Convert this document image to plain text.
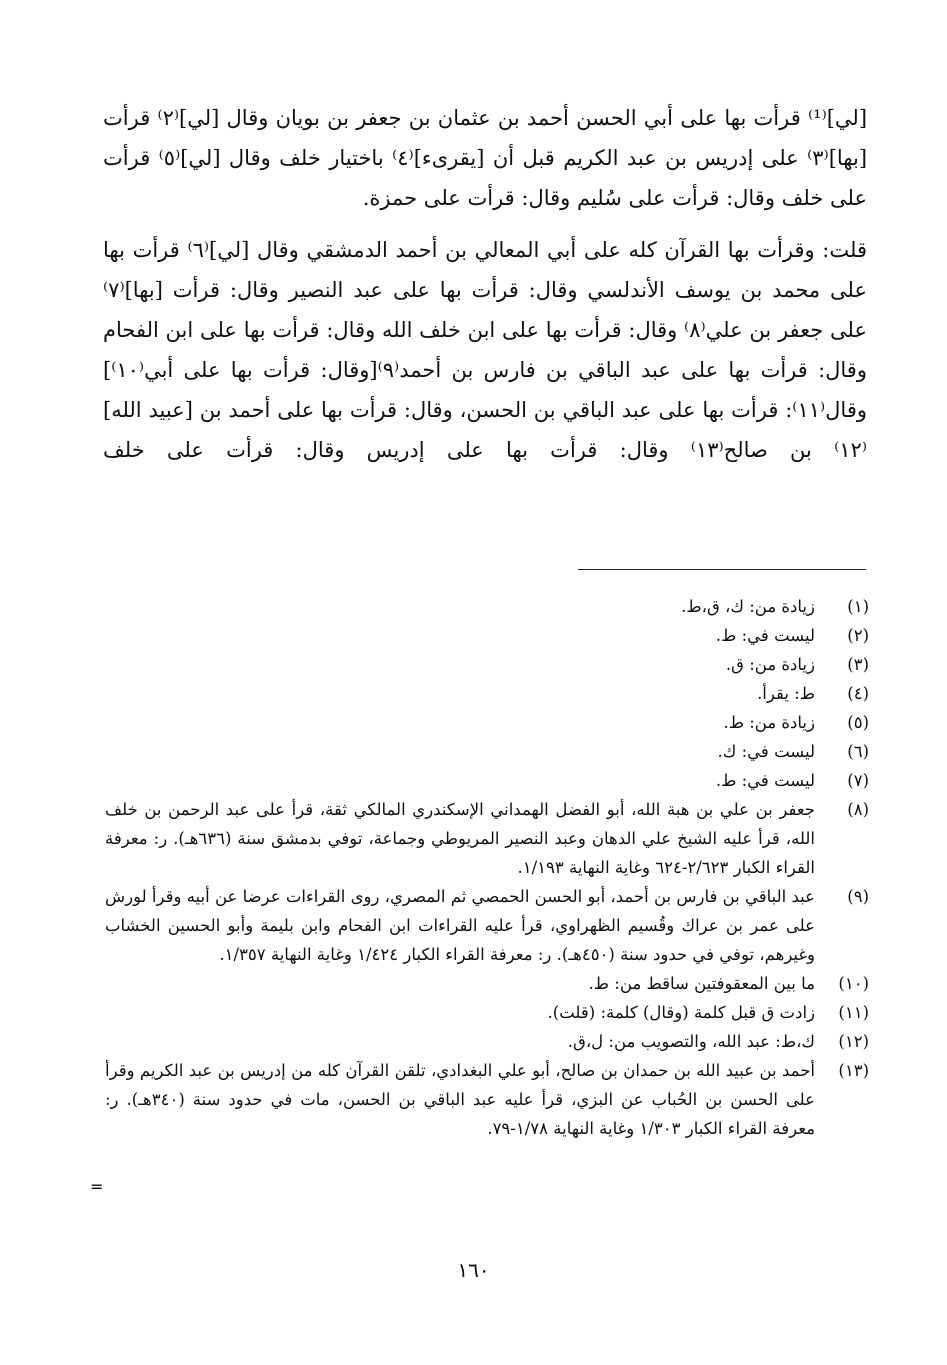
[لي]⁽¹⁾ قرأت بها على أبي الحسن أحمد بن عثمان بن جعفر بن بويان وقال [لي]⁽٢⁾ قرأت [بها]⁽٣⁾ على إدريس بن عبد الكريم قبل أن [يقرىء]⁽٤⁾ باختيار خلف وقال [لي]⁽٥⁾ قرأت على خلف وقال: قرأت على سُليم وقال: قرأت على حمزة.

قلت: وقرأت بها القرآن كله على أبي المعالي بن أحمد الدمشقي وقال [لي]⁽٦⁾ قرأت بها على محمد بن يوسف الأندلسي وقال: قرأت بها على عبد النصير وقال: قرأت [بها]⁽٧⁾ على جعفر بن علي⁽٨⁾ وقال: قرأت بها على ابن خلف الله وقال: قرأت بها على ابن الفحام وقال: قرأت بها على عبد الباقي بن فارس بن أحمد⁽٩⁾[وقال: قرأت بها على أبي⁽١٠⁾] وقال⁽١١⁾: قرأت بها على عبد الباقي بن الحسن، وقال: قرأت بها على أحمد بن [عبيد الله]⁽١٢⁾ بن صالح⁽١٣⁾ وقال: قرأت بها على إدريس وقال: قرأت على خلف

(١)
زيادة من: ك، ق،ط.
(٢)
ليست في: ط.
(٣)
زيادة من: ق.
(٤)
ط: يقرأ.
(٥)
زيادة من: ط.
(٦)
ليست في: ك.
(٧)
ليست في: ط.
(٨)
جعفر بن علي بن هبة الله، أبو الفضل الهمداني الإسكندري المالكي ثقة، قرأ على عبد الرحمن بن خلف الله، قرأ عليه الشيخ علي الدهان وعبد النصير المريوطي وجماعة، توفي بدمشق سنة (٦٣٦هـ). ر: معرفة القراء الكبار ٢/٦٢٣-٦٢٤ وغاية النهاية ١/١٩٣.
(٩)
عبد الباقي بن فارس بن أحمد، أبو الحسن الحمصي ثم المصري، روى القراءات عرضا عن أبيه وقرأ لورش على عمر بن عراك وقُسيم الظهراوي، قرأ عليه القراءات ابن الفحام وابن بليمة وأبو الحسين الخشاب وغيرهم، توفي في حدود سنة (٤٥٠هـ). ر: معرفة القراء الكبار ١/٤٢٤ وغاية النهاية ١/٣٥٧.
(١٠)
ما بين المعقوفتين ساقط من: ط.
(١١)
زادت ق قبل كلمة (وقال) كلمة: (قلت).
(١٢)
ك،ط: عبد الله، والتصويب من: ل،ق.
(١٣)
أحمد بن عبيد الله بن حمدان بن صالح، أبو علي البغدادي، تلقن القرآن كله من إدريس بن عبد الكريم وقرأ على الحسن بن الحُباب عن البزي، قرأ عليه عبد الباقي بن الحسن، مات في حدود سنة (٣٤٠هـ). ر: معرفة القراء الكبار ١/٣٠٣ وغاية النهاية ١/٧٨-٧٩.
=
١٦٠
